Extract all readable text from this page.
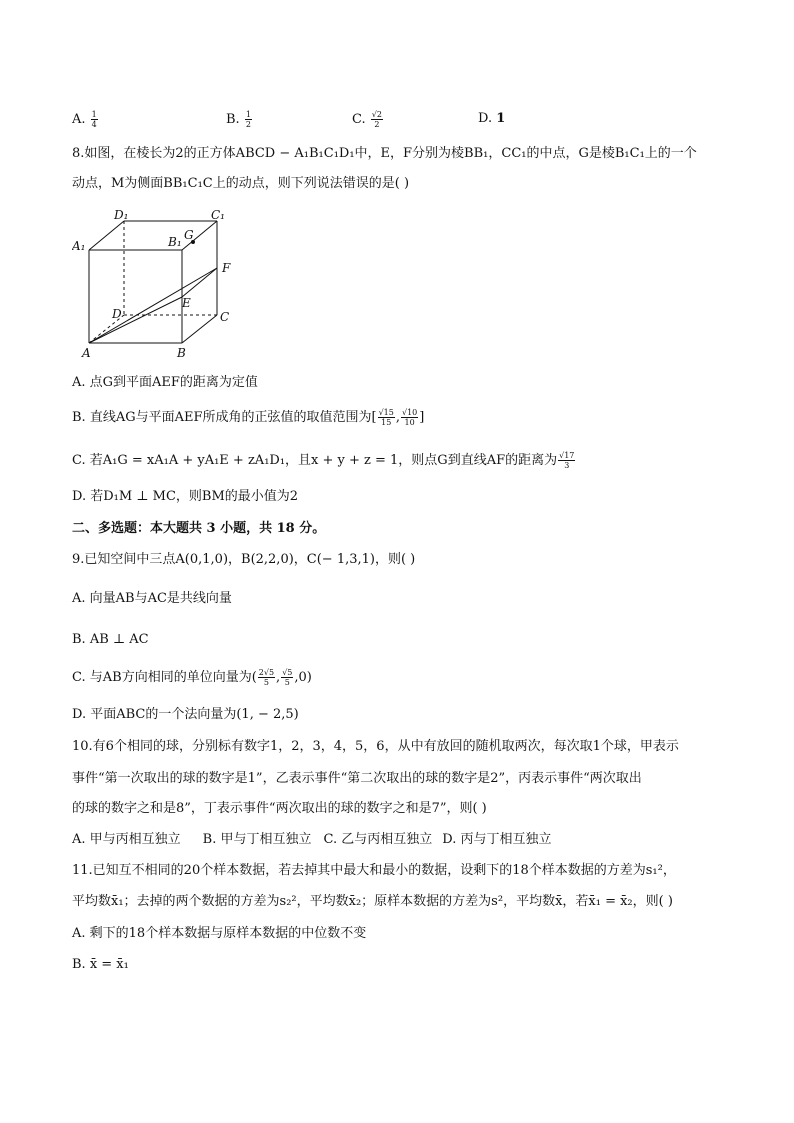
A. $\frac{1}{4}$	B. $\frac{1}{2}$	C. $\frac{√2}{2}$	D. 1
8.如图，在棱长为2的正方体ABCD − A₁B₁C₁D₁中，E，F分别为棱BB₁，CC₁的中点，G是棱B₁C₁上的一个
动点，M为侧面BB₁C₁C上的动点，则下列说法错误的是( )
D₁	C₁
A₁	B₁ G
F
E
D	C
A	B
A. 点G到平面AEF的距离为定值
B. 直线AG与平面AEF所成角的正弦值的取值范围为[ $\frac{√15}{15}$ , $\frac{√10}{10}$ ]
C. 若A₁G = xA₁A + yA₁E + zA₁D₁，且x + y + z = 1，则点G到直线AF的距离为 $\frac{√17}{3}$
D. 若D₁M ⊥ MC，则BM的最小值为2
二、多选题：本大题共 3 小题，共 18 分。
9.已知空间中三点A(0,1,0)，B(2,2,0)，C(− 1,3,1)，则( )
A. 向量AB与AC是共线向量
B. AB ⊥ AC
C. 与AB方向相同的单位向量为( $\frac{2√5}{5}$ , $\frac{√5}{5} ,0$)
D. 平面ABC的一个法向量为(1, − 2,5)
10.有6个相同的球，分别标有数字1，2，3，4，5，6，从中有放回的随机取两次，每次取1个球，甲表示
事件“第一次取出的球的数字是1”，乙表示事件“第二次取出的球的数字是2”，丙表示事件“两次取出
的球的数字之和是8”，丁表示事件“两次取出的球的数字之和是7”，则( )
A. 甲与丙相互独立 B. 甲与丁相互独立 C. 乙与丙相互独立 D. 丙与丁相互独立
11.已知互不相同的20个样本数据，若去掉其中最大和最小的数据，设剩下的18个样本数据的方差为s₁²，
平均数x̄₁；去掉的两个数据的方差为s₂²，平均数x̄₂；原样本数据的方差为s²，平均数x̄，若x̄₁ = x̄₂，则( )
A. 剩下的18个样本数据与原样本数据的中位数不变
B. x̄ = x̄₁
